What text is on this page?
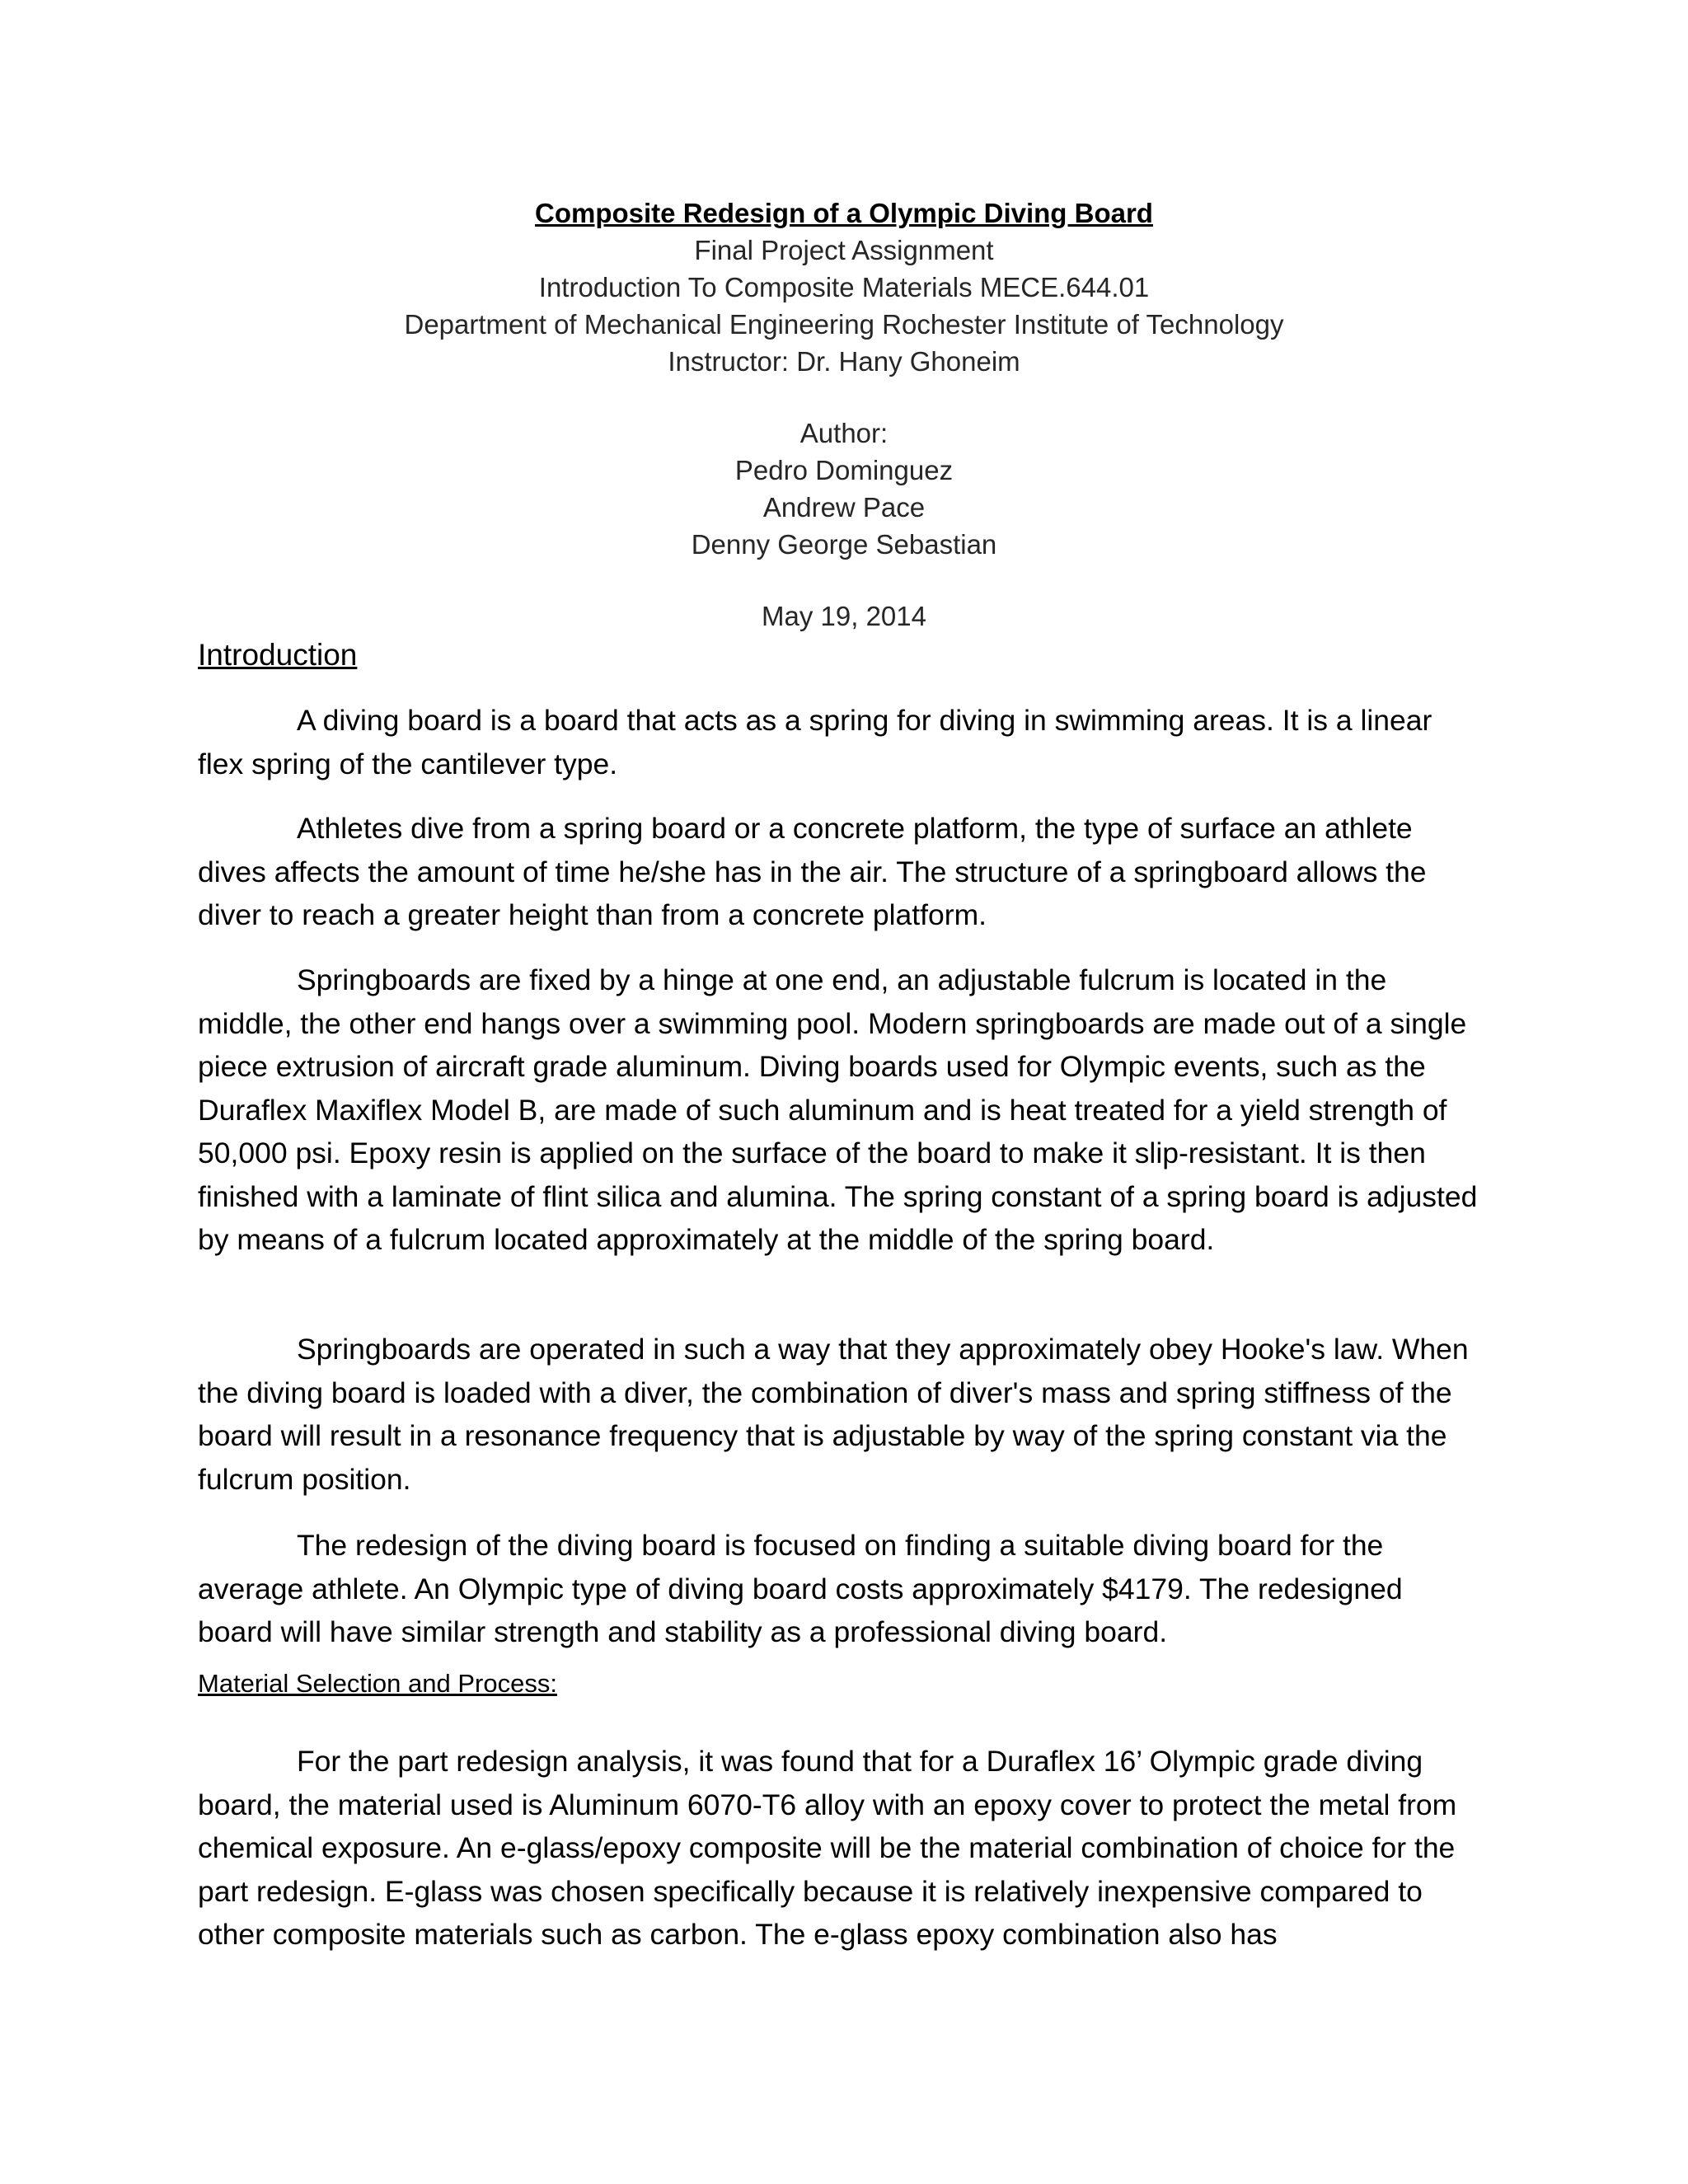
Composite Redesign of a Olympic Diving Board
Final Project Assignment
Introduction To Composite Materials MECE.644.01
Department of Mechanical Engineering Rochester Institute of Technology
Instructor: Dr. Hany Ghoneim
Author:
Pedro Dominguez
Andrew Pace
Denny George Sebastian
May 19, 2014
Introduction

A diving board is a board that acts as a spring for diving in swimming areas. It is a linear flex spring of the cantilever type.

Athletes dive from a spring board or a concrete platform, the type of surface an athlete dives affects the amount of time he/she has in the air. The structure of a springboard allows the diver to reach a greater height than from a concrete platform.

Springboards are fixed by a hinge at one end, an adjustable fulcrum is located in the middle, the other end hangs over a swimming pool. Modern springboards are made out of a single piece extrusion of aircraft grade aluminum. Diving boards used for Olympic events, such as the Duraflex Maxiflex Model B, are made of such aluminum and is heat treated for a yield strength of 50,000 psi. Epoxy resin is applied on the surface of the board to make it slip-resistant. It is then finished with a laminate of flint silica and alumina. The spring constant of a spring board is adjusted by means of a fulcrum located approximately at the middle of the spring board.

Springboards are operated in such a way that they approximately obey Hooke's law. When the diving board is loaded with a diver, the combination of diver's mass and spring stiffness of the board will result in a resonance frequency that is adjustable by way of the spring constant via the fulcrum position.

The redesign of the diving board is focused on finding a suitable diving board for the average athlete. An Olympic type of diving board costs approximately $4179. The redesigned board will have similar strength and stability as a professional diving board.

Material Selection and Process:

For the part redesign analysis, it was found that for a Duraflex 16’ Olympic grade diving board, the material used is Aluminum 6070-T6 alloy with an epoxy cover to protect the metal from chemical exposure. An e-glass/epoxy composite will be the material combination of choice for the part redesign. E-glass was chosen specifically because it is relatively inexpensive compared to other composite materials such as carbon. The e-glass epoxy combination also has
